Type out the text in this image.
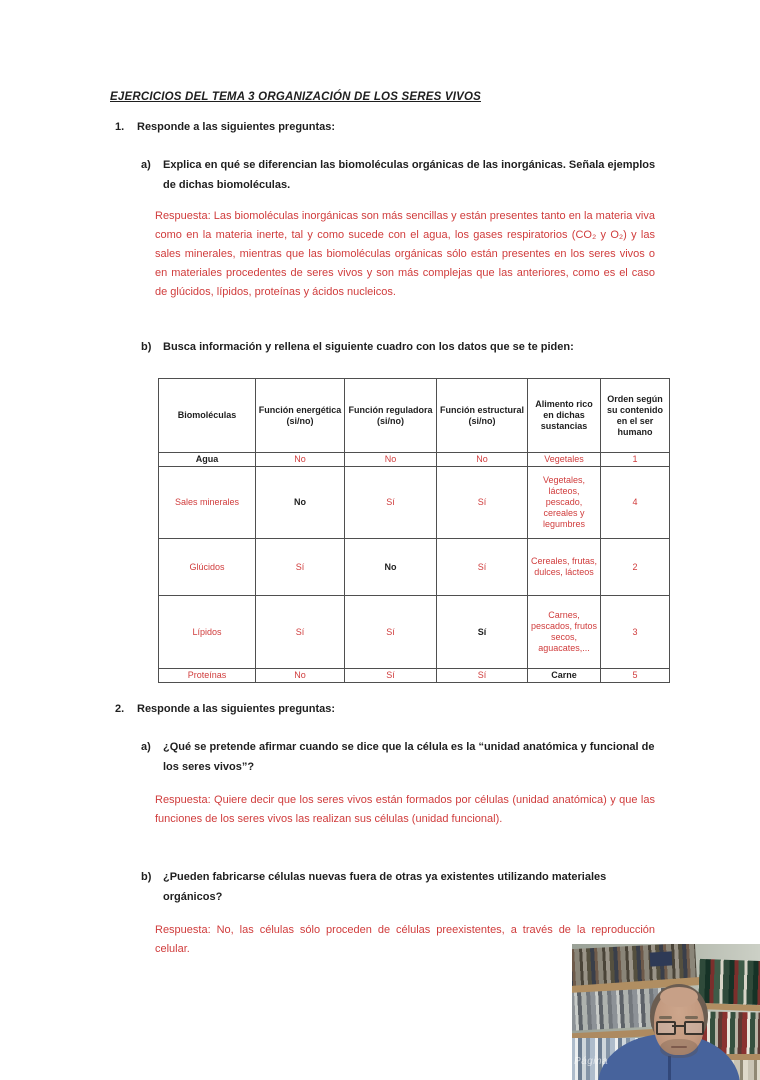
EJERCICIOS DEL TEMA 3 ORGANIZACIÓN DE LOS SERES VIVOS
1.	Responde a las siguientes preguntas:
a)	Explica en qué se diferencian las biomoléculas orgánicas de las inorgánicas. Señala ejemplos de dichas biomoléculas.
Respuesta: Las biomoléculas inorgánicas son más sencillas y están presentes tanto en la materia viva como en la materia inerte, tal y como sucede con el agua, los gases respiratorios (CO₂ y O₂) y las sales minerales, mientras que las biomoléculas orgánicas sólo están presentes en los seres vivos o en materiales procedentes de seres vivos y son más complejas que las anteriores, como es el caso de glúcidos, lípidos, proteínas y ácidos nucleicos.
b)	Busca información y rellena el siguiente cuadro con los datos que se te piden:
Biomoléculas	Función energética (si/no)	Función reguladora (si/no)	Función estructural (si/no)	Alimento rico en dichas sustancias	Orden según su contenido en el ser humano
Agua	No	No	No	Vegetales	1
Sales minerales	No	Sí	Sí	Vegetales, lácteos, pescado, cereales y legumbres	4
Glúcidos	Sí	No	Sí	Cereales, frutas, dulces, lácteos	2
Lípidos	Sí	Sí	Sí	Carnes, pescados, frutos secos, aguacates,...	3
Proteínas	No	Sí	Sí	Carne	5
2.	Responde a las siguientes preguntas:
a)	¿Qué se pretende afirmar cuando se dice que la célula es la “unidad anatómica y funcional de los seres vivos”?
Respuesta: Quiere decir que los seres vivos están formados por células (unidad anatómica) y que las funciones de los seres vivos las realizan sus células (unidad funcional).
b)	¿Pueden fabricarse células nuevas fuera de otras ya existentes utilizando materiales orgánicos?
Respuesta: No, las células sólo proceden de células preexistentes, a través de la reproducción celular.
Página
